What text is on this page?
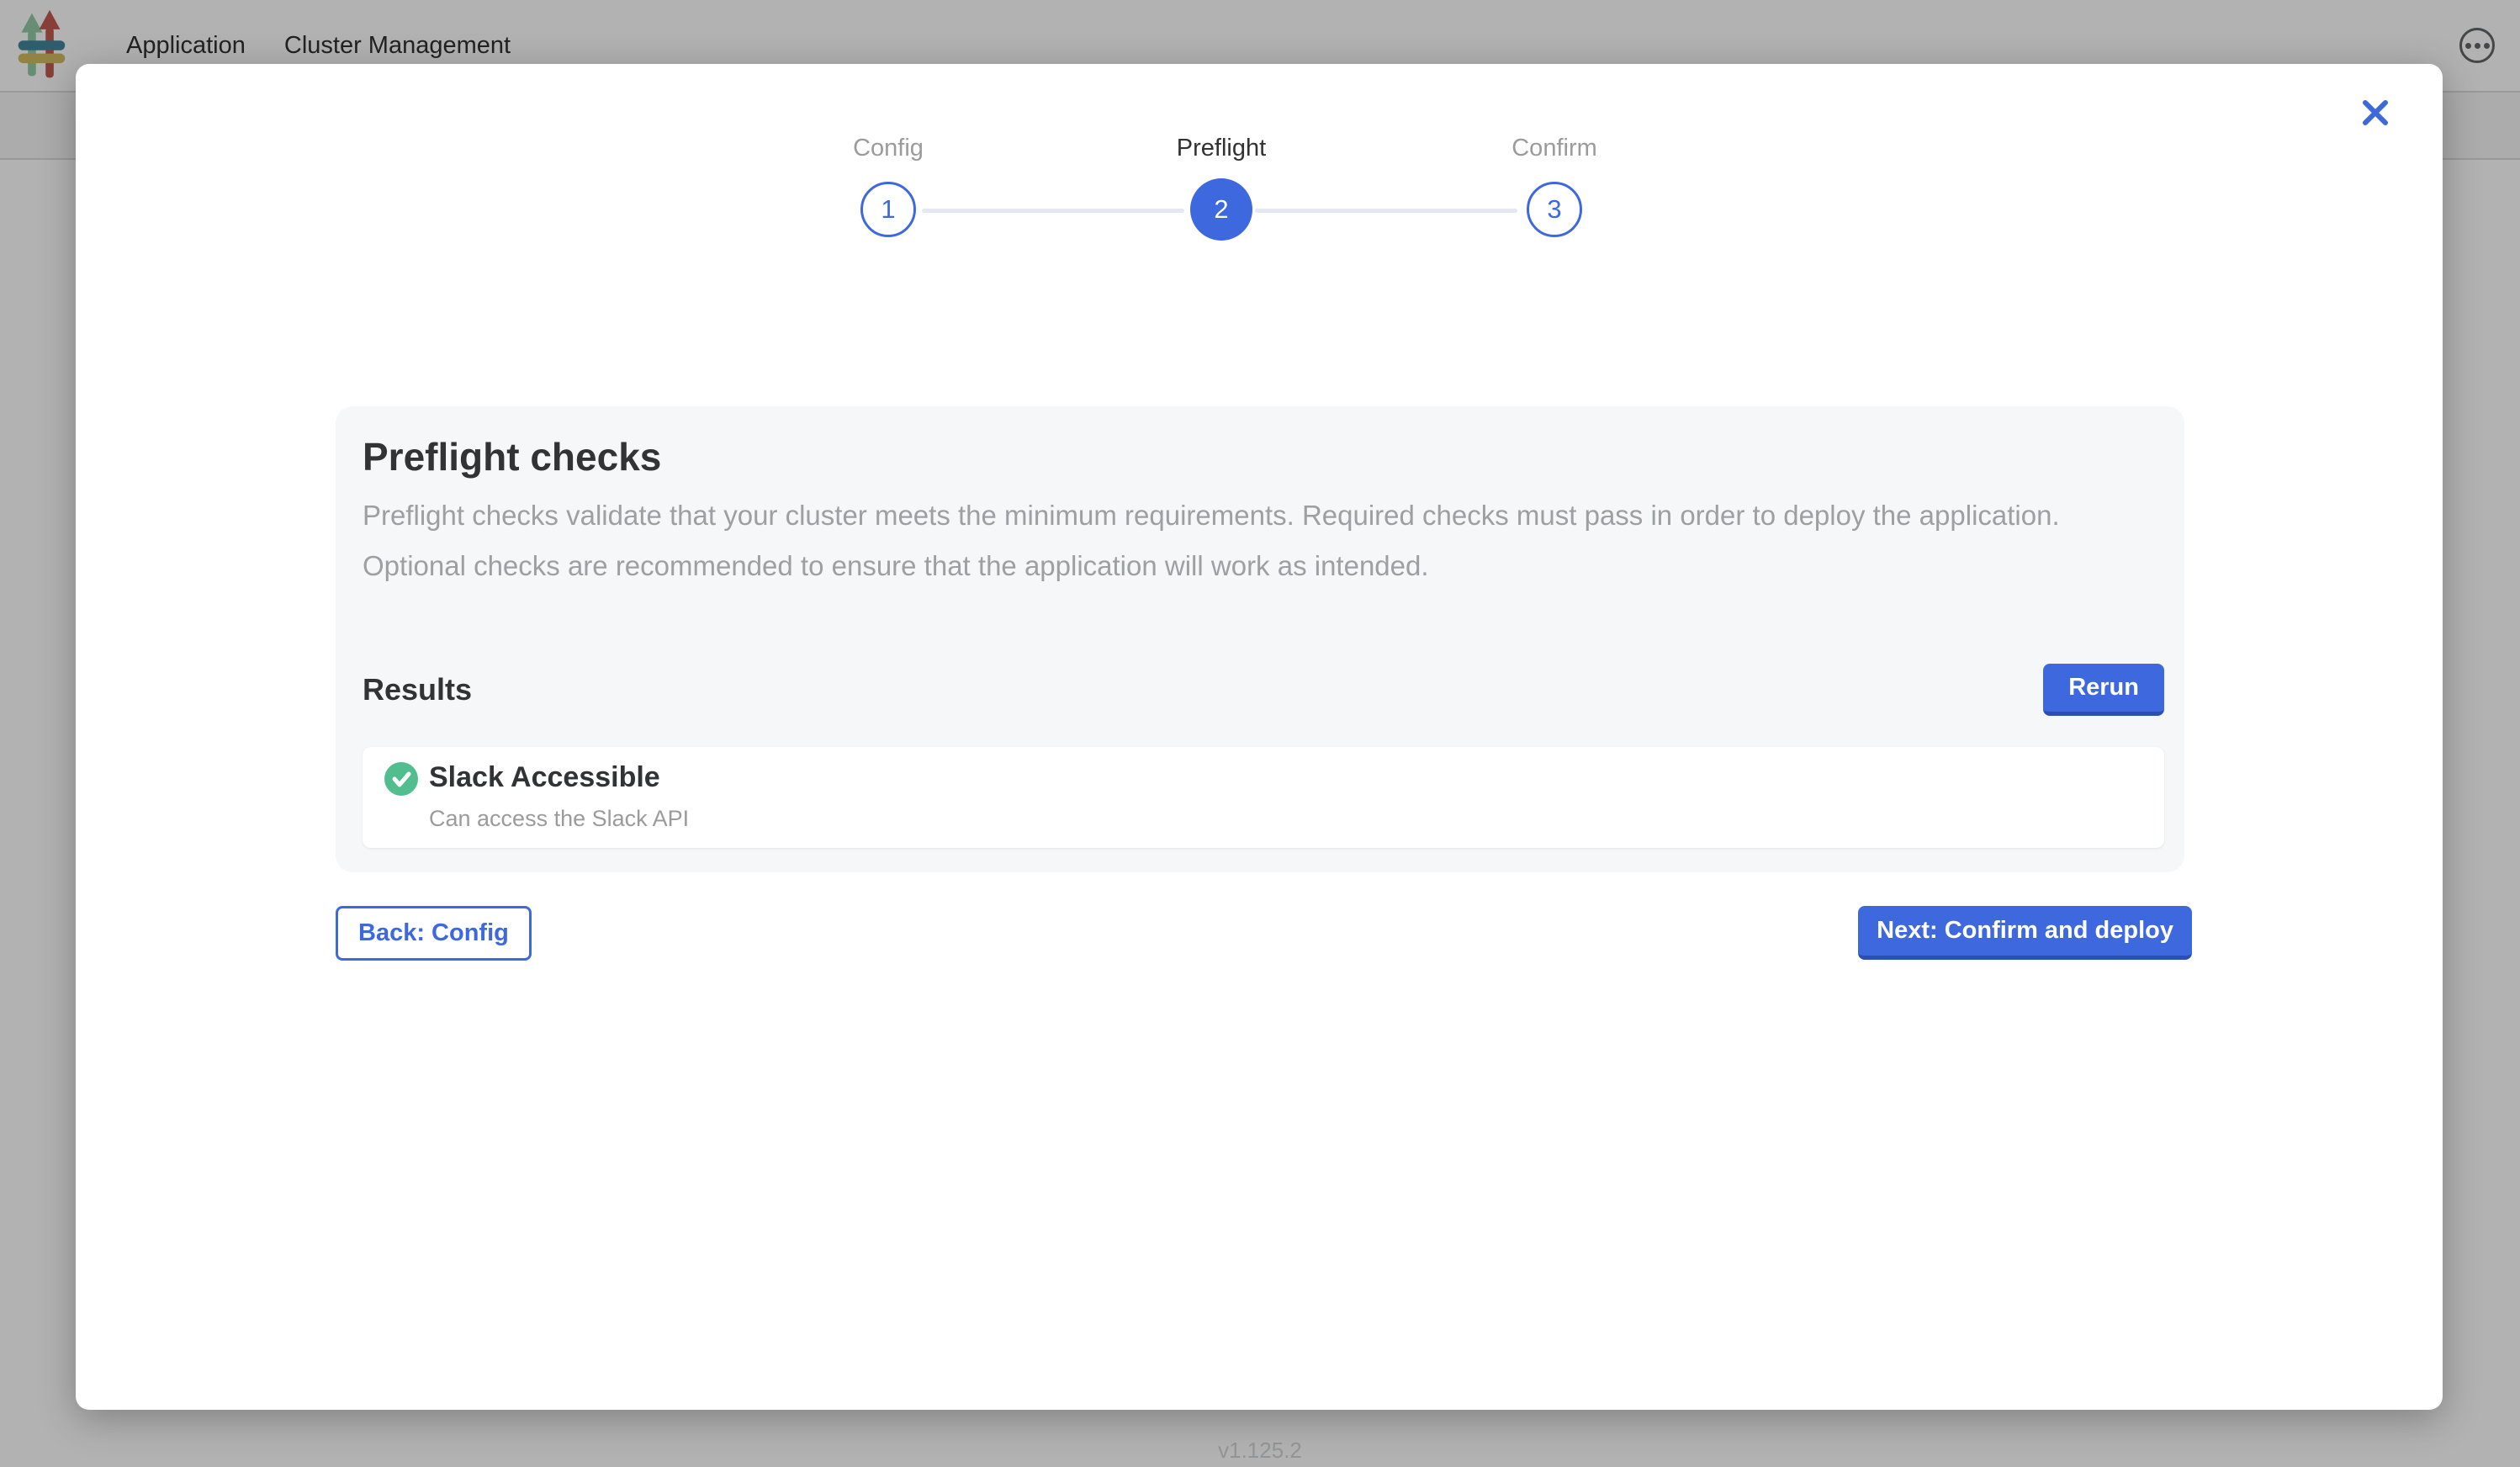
Application Cluster Management
v1.125.2
Config	Preflight	Confirm
1	2	3
Preflight checks
Preflight checks validate that your cluster meets the minimum requirements. Required checks must pass in order to deploy the application. Optional checks are recommended to ensure that the application will work as intended.
Results	Rerun
Slack Accessible
Can access the Slack API
Back: Config	Next: Confirm and deploy
